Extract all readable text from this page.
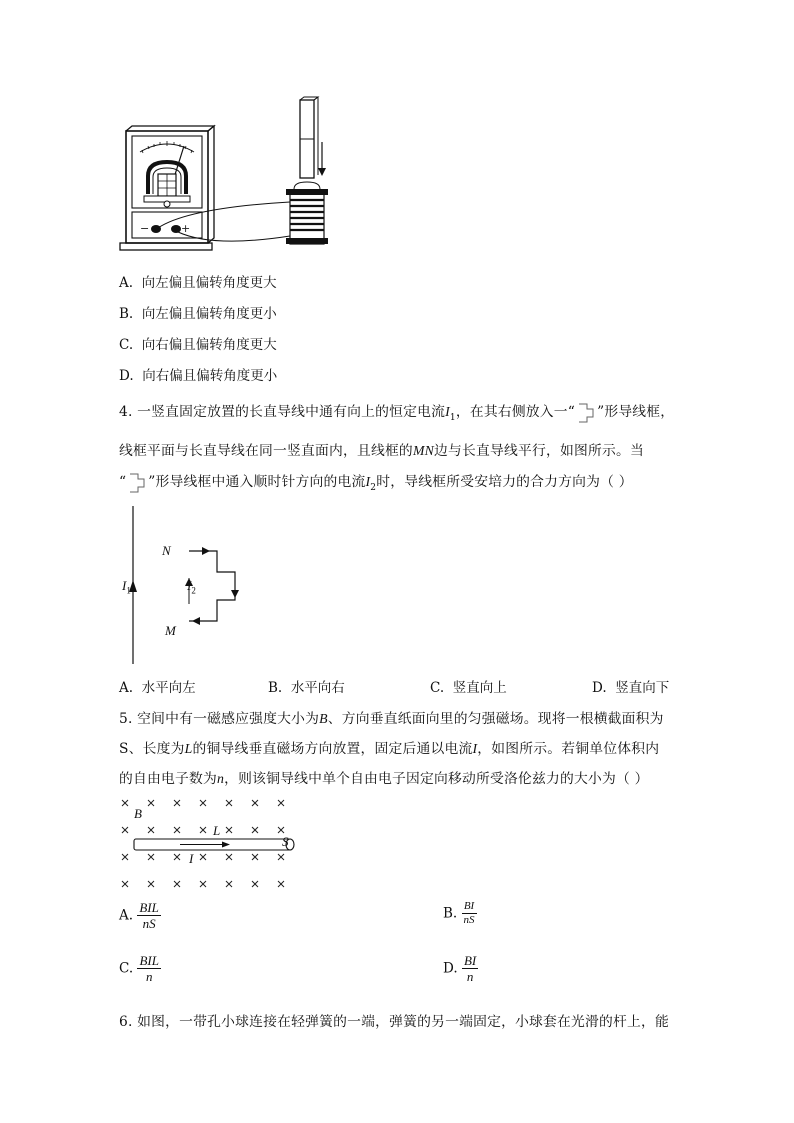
−	+
A. 向左偏且偏转角度更大
B. 向左偏且偏转角度更小
C. 向右偏且偏转角度更大
D. 向右偏且偏转角度更小
4. 一竖直固定放置的长直导线中通有向上的恒定电流$I_1$，在其右侧放入一“ ”形导线框，
线框平面与长直导线在同一竖直面内，且线框的MN边与长直导线平行，如图所示。当
“ ”形导线框中通入顺时针方向的电流$I_2$时，导线框所受安培力的合力方向为（ ）
N
M
$I_1$	$I_2$
A. 水平向左	B. 水平向右	C. 竖直向上	D. 竖直向下
5. 空间中有一磁感应强度大小为B、方向垂直纸面向里的匀强磁场。现将一根横截面积为
S、长度为L的铜导线垂直磁场方向放置，固定后通以电流I，如图所示。若铜单位体积内
的自由电子数为n，则该铜导线中单个自由电子因定向移动所受洛伦兹力的大小为（ ）
B
L
I
S
A. $\frac{\text{BIL}}{nS}$	B. $\frac{BI}{nS}$
C. $\frac{\text{BIL}}{n}$	D. $\frac{BI}{n}$
6. 如图，一带孔小球连接在轻弹簧的一端，弹簧的另一端固定，小球套在光滑的杆上，能
